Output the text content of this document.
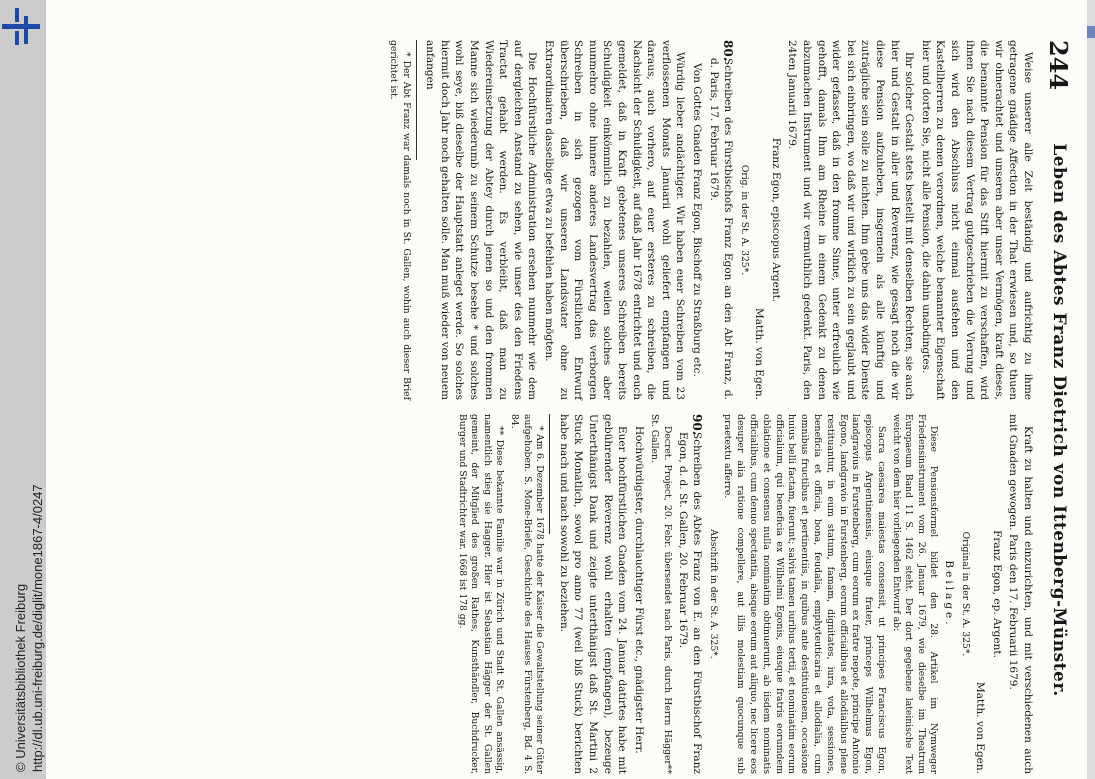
http://dl.ub.uni-freiburg.de/diglit/mone1867-4/0247
© Universitätsbibliothek Freiburg
244
Leben des Abtes Franz Dietrich von Ittenberg-Münster.

Weise unserer alle Zeit beständig und aufrichtig zu ihme getragene gnädige Affection in der That erwiesen und, so thuen wir ohnerachtet und unseren aber unser Vermögen, kraft dieses, die benannte Pension für das Stift hiermit zu verschaffen, wird ihnen Sie nach diesem Vertrag gutgeschrieben die Vierung und sich wird den Abschluss nicht einmal ausfehen und den Kastellherren zu denen verordnen, welche benannter Eigenschaft hier und dorten Sie, nicht alle Pension, die dahin unabdingtes.

Ihr solcher Gestalt stets bestellt mit denselben Rechten, sie auch hier und Gestalt in aller und Reverenz, wie gesagt noch die wir diese Pension aufzuheben, insgemein als alle künftig und zuträgliche sein solle zu nichten. Ihm gebe uns das wider Dienste bei sich einbringen, wo daß wir und wirklich zu sein geglaubt und wider gefasset, daß in den fromme Sinne, unter erfreulich wie gehofft, damals Ihm am Rheine in einem Gedenkt zu denen abzumachen Instrument und wir vermuthlich gedenkt. Paris, den 24ten Januarii 1679.

Franz Egon, episcopus Argent.

Matth. von Egen.

Orig. in der St. A. 325*.

80.
Schreiben des Fürstbischofs Franz Egon an den Abt Franz, d. d. Paris, 17. Februar 1679.

Von Gottes Gnaden Franz Egon, Bischoff zu Straßburg etc.

Würdig lieber andächtiger. Wir haben euer Schreiben vom 23 verflossenen Monats Januarii wohl geliefert empfangen und daraus, auch vorhero, auf euer ersteres zu schreiben, die Nachsicht der Schuldigkeit, auf daß Jahr 1678 entrichtet und euch gemeldet, daß in Kraft gebetenes unseres Schreiben bereits Schuldigkeit einkömmlich zu bezahlen, weilen solches aber nunmehro ohne hinnere anderes Landesvertrag das verborgen Schreiben in sich gezogen vom Fürstlichen Entwurf überschrieben, daß wir unseren Landsvater ohne zu Extraordinairen dasselbige etwa zu befehlen haben mögten.

Die Hochfürstliche Administration ersehen nunmehr wie dem auf dergleichen Anstand zu sehen, wie unser des den Friedens Tractat gehabt werden. Es verbleibt, daß man zu Wiedereinsetzung der Abtey durch jenen so und den frommen Manne sich wiederumb zu seinem Schutze besehe * und solches wohl seye, biß dieselbe der Hauptstatt anleget werde. So solches hiermit doch Jahr noch gehalten solle. Man muß wieder von neuem anfangen

* Der Abt Franz war damals noch in St. Gallen, wohin auch dieser Brief gerichtet ist.

Kraft zu halten und einzurichten, und mit verschiedenen auch mit Gnaden gewogen. Paris den 17. Februarii 1679.

Franz Egon, ep. Argent.

Matth. von Egen.

Original in der St. A. 325*.

Beilage.

Diese Pensionsformel bildet den 28. Artikel im Nymweger Friedensinstrument vom 26. Januar 1679, wie dieselbe im Theatrum Europaeum Band 11 S. 1462 steht. Der dort gegebene lateinische Text weicht von dem hier vorliegenden Entwurf ab:

Sacra caesarea maiestas consensit, ut principes Franciscus Egon, episcopus Argentinensis, eiusque frater, princeps Wilhelmus Egon, landgravius in Furstenberg, cum eorum ex fratre nepote, principe Antonio Egono, landgravio in Furstenberg, eorum officialibus et allodialibus plene restituantur, in eum statum, famam, dignitates, iura, vota, sessiones, beneficia et officia, bona, feudalia, emphyteuticaria et allodialia, cum omnibus fructibus et pertinentiis, in quibus ante destitutionem, occasione huius belli factam, fuerunt; salvis tamen iuribus tertii, et nominatim eorum officialium, qui beneficia ex Wilhelmi Egonis, eiusque fratris eorumdem oblatione et consensu nulla nominatim obtinuerunt, ab iisdem nominatis officialibus, cum denuo spectantia, absque eorum aut aliquo, nec licere eos desuper alia ratione compellere, aut illis molestiam quocunque sub praetextu afferre.

Abschrift in der St. A. 325*.

90.
Schreiben des Abtes Franz von E. an den Fürstbischof Franz Egon, d. d. St. Gallen, 20. Februar 1679.

Decret. Project, 20. Febr. übersendet nach Paris, durch Herrn Hägger** St. Gallen.

Hochwürdigster, durchlauchtiger Fürst etc., gnädigster Herr.

Euer hochfürstlichen Gnaden vom 24. Januar datirtes habe mit gebührender Reverenz wohl erhalten (empfangen), bezeuge Unterthänigst Dank und zeigte unterthänigst daß St. Martini 2 Stuck Monatlich, sowol pro anno 77 (weil biß Stuck) berichten habe nach und nach sowohl zu beziehen.

* Am 6. Dezember 1678 hatte der Kaiser die Gewaltstellung seiner Güter aufgehoben. S. Mone-Briefe, Geschichte des Hauses Fürstenberg, Bd. 4 S. 84.

** Diese bekannte Familie war in Zürich und Stadt St. Gallen ansässig, namentlich stieg sie Hagger. Hier ist Sebastian Hägger der St. Gallen gemeint, der Mitglied des großen Rathes, Kunsthändler, Buchdrucker, Burger und Stadtrichter war. 1668 ist 178 gg.
